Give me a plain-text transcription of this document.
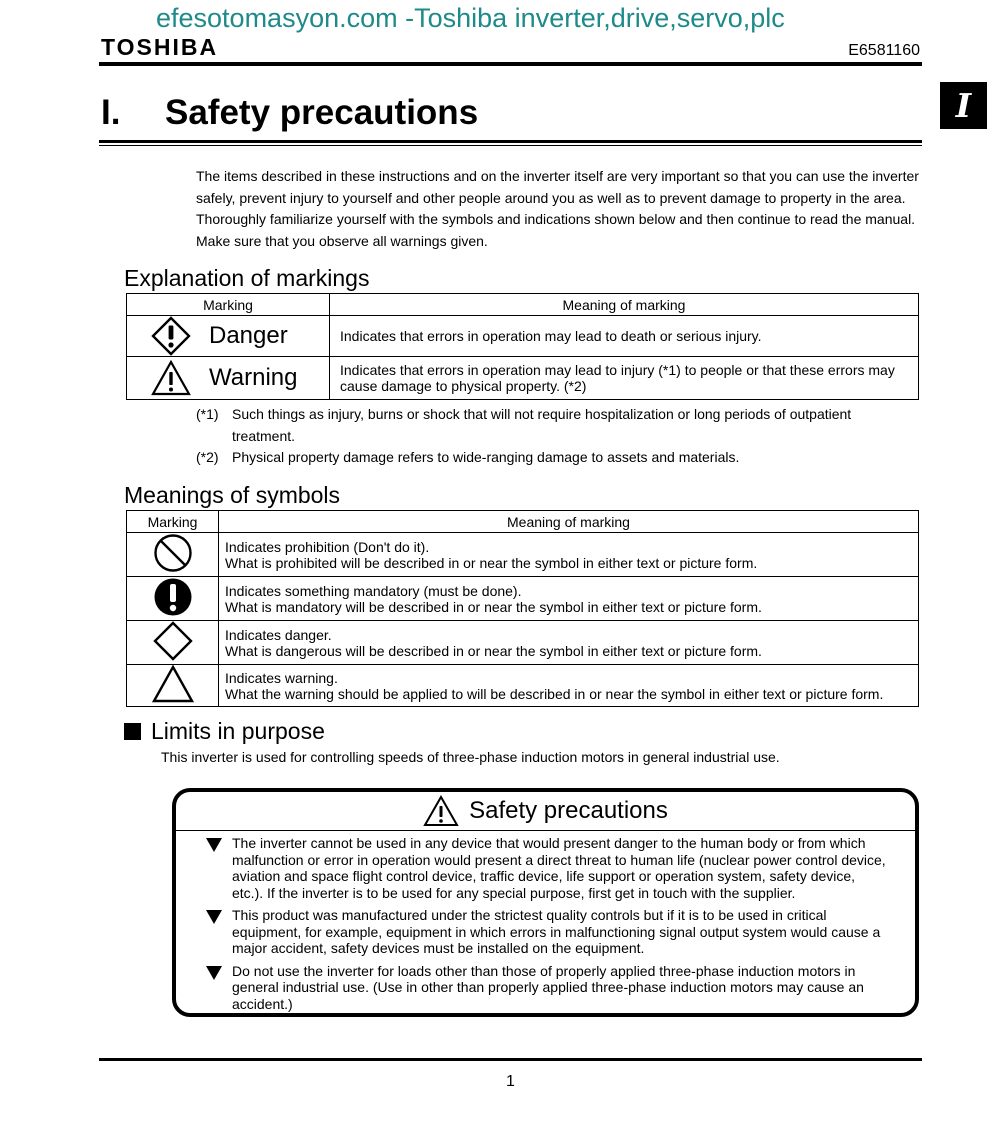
efesotomasyon.com -Toshiba inverter,drive,servo,plc
TOSHIBA	E6581160
I
I. Safety precautions

The items described in these instructions and on the inverter itself are very important so that you can use the inverter safely, prevent injury to yourself and other people around you as well as to prevent damage to property in the area. Thoroughly familiarize yourself with the symbols and indications shown below and then continue to read the manual. Make sure that you observe all warnings given.

Explanation of markings
Marking	Meaning of marking

Danger	Indicates that errors in operation may lead to death or serious injury.

Warning	Indicates that errors in operation may lead to injury (*1) to people or that these errors may cause damage to physical property. (*2)
(*1) Such things as injury, burns or shock that will not require hospitalization or long periods of outpatient treatment.
(*2) Physical property damage refers to wide-ranging damage to assets and materials.
Meanings of symbols
Marking	Meaning of marking

Indicates prohibition (Don't do it).
What is prohibited will be described in or near the symbol in either text or picture form.

Indicates something mandatory (must be done).
What is mandatory will be described in or near the symbol in either text or picture form.

Indicates danger.
What is dangerous will be described in or near the symbol in either text or picture form.

Indicates warning.
What the warning should be applied to will be described in or near the symbol in either text or picture form.
Limits in purpose
This inverter is used for controlling speeds of three-phase induction motors in general industrial use.
Safety precautions
The inverter cannot be used in any device that would present danger to the human body or from which malfunction or error in operation would present a direct threat to human life (nuclear power control device, aviation and space flight control device, traffic device, life support or operation system, safety device, etc.). If the inverter is to be used for any special purpose, first get in touch with the supplier.
This product was manufactured under the strictest quality controls but if it is to be used in critical equipment, for example, equipment in which errors in malfunctioning signal output system would cause a major accident, safety devices must be installed on the equipment.
Do not use the inverter for loads other than those of properly applied three-phase induction motors in general industrial use. (Use in other than properly applied three-phase induction motors may cause an accident.)
1
